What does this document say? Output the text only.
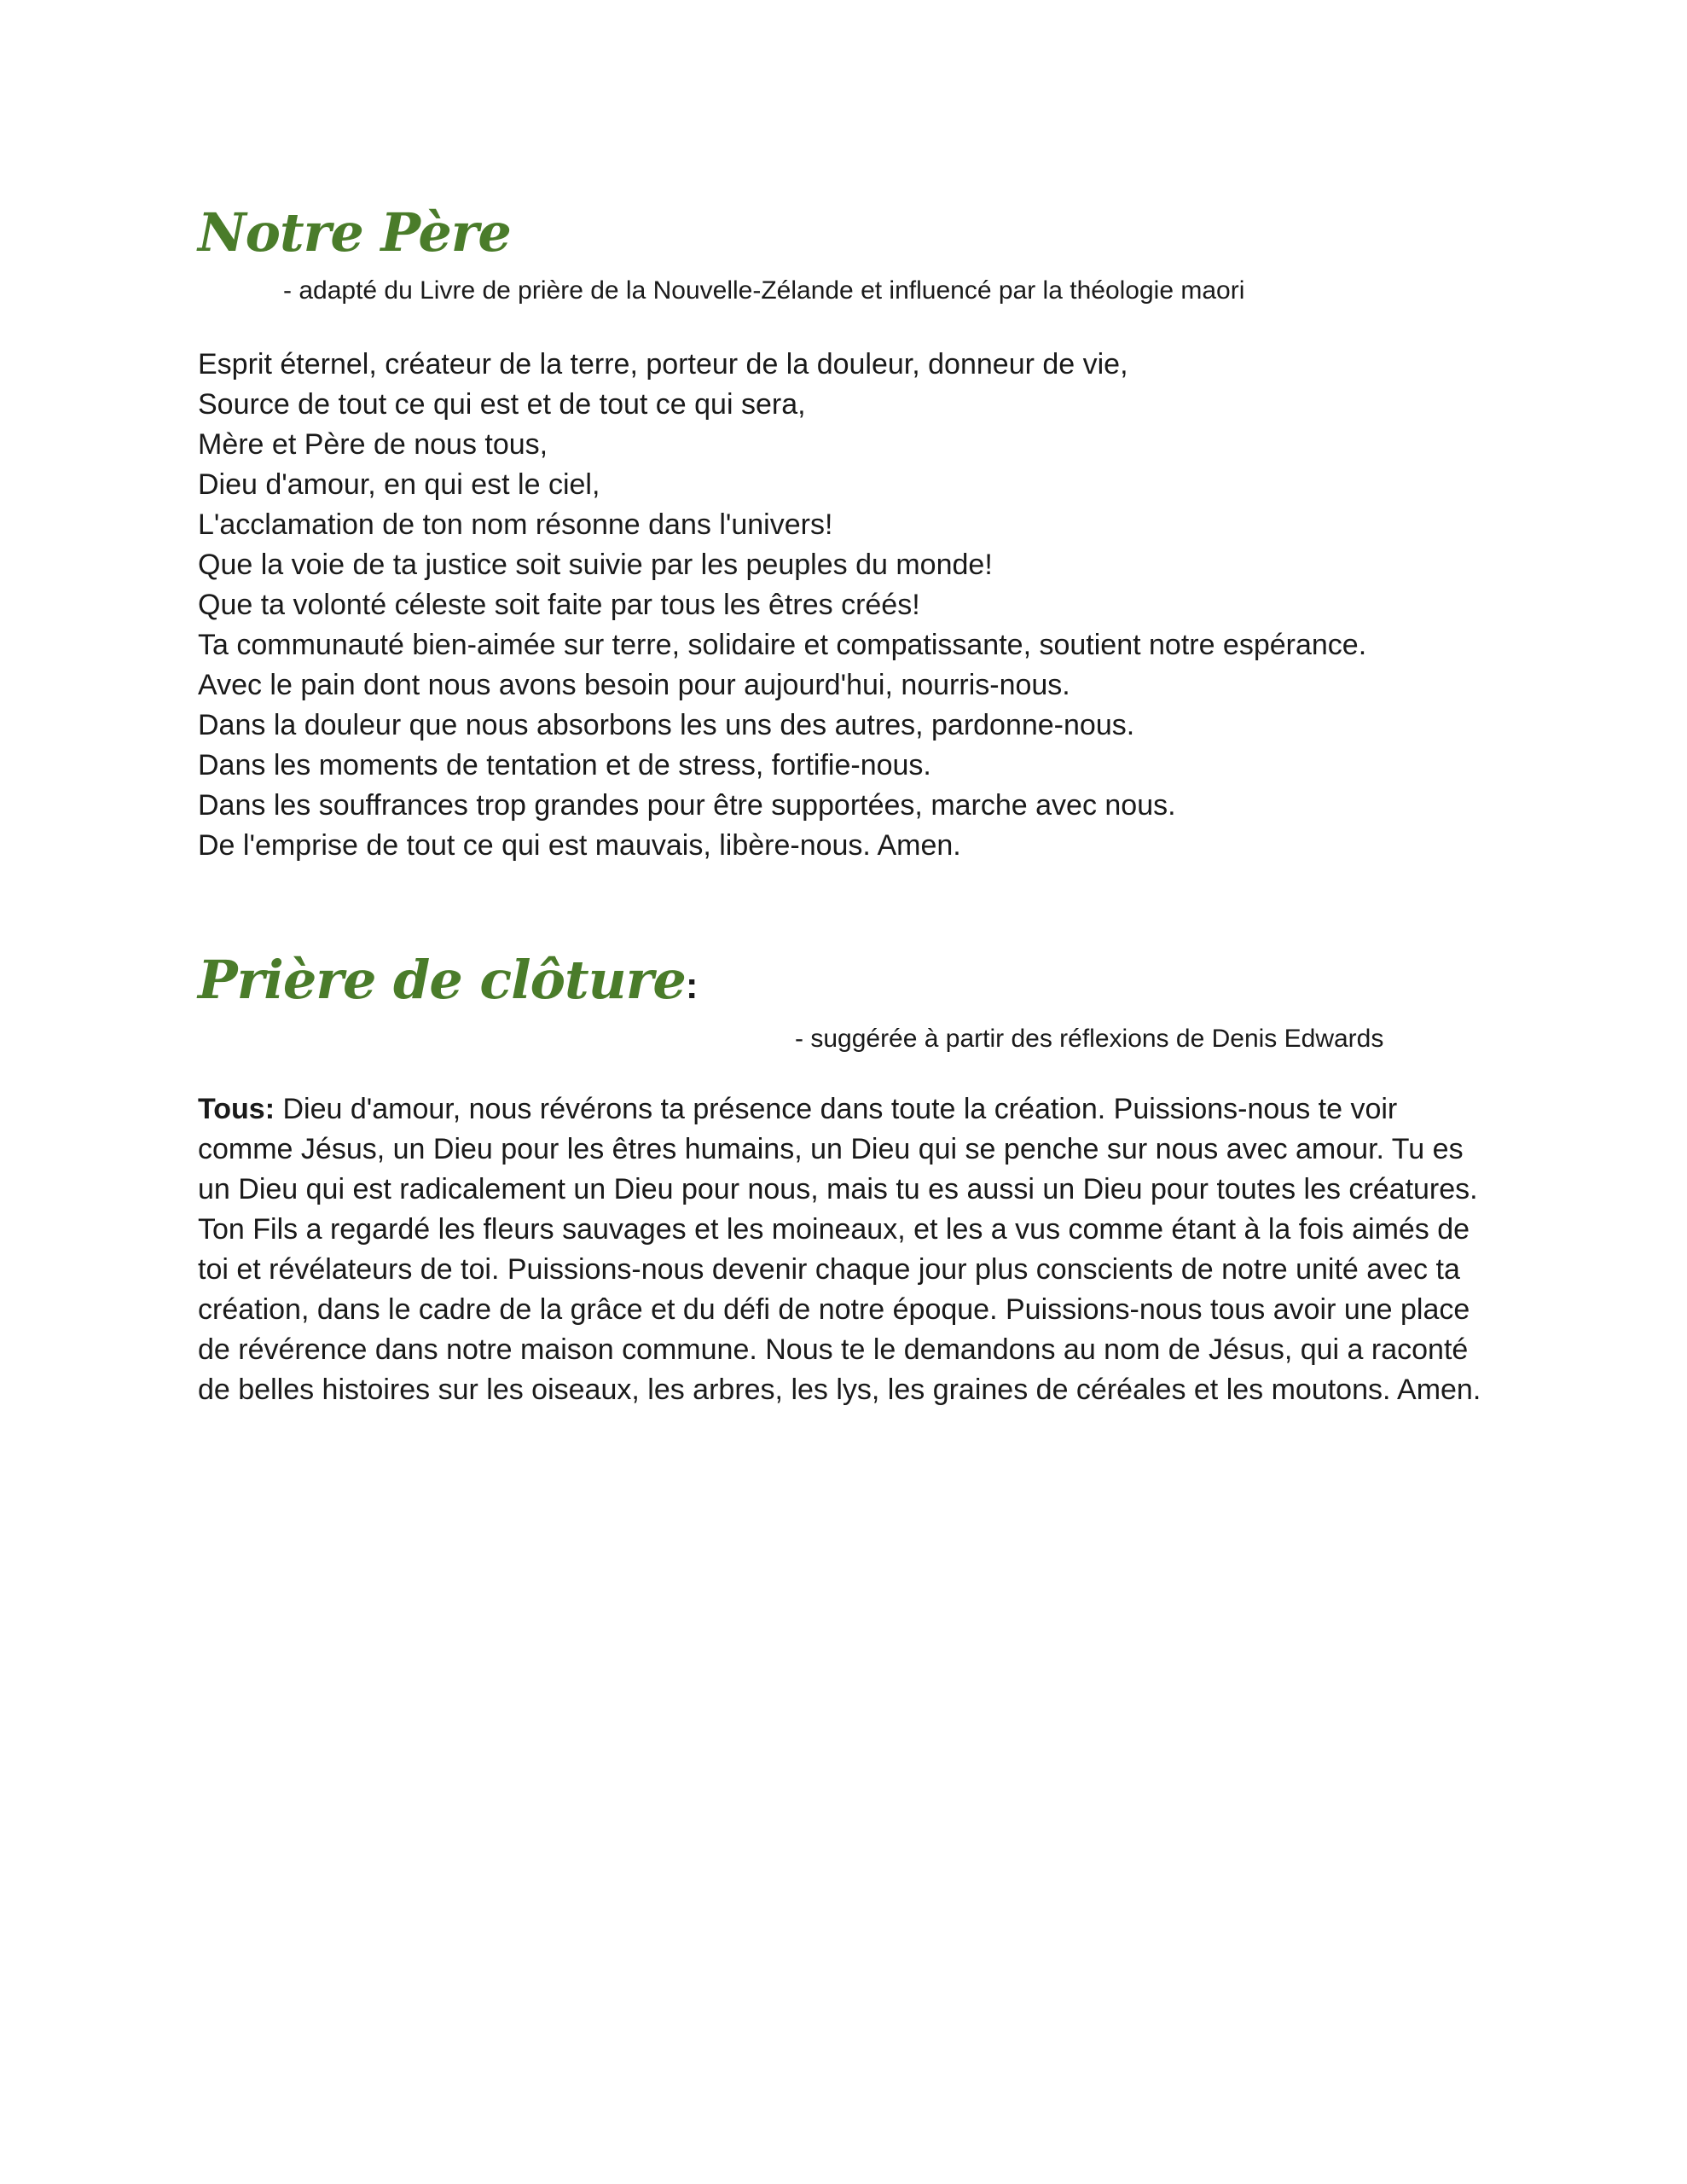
Notre Père
- adapté du Livre de prière de la Nouvelle-Zélande et influencé par la théologie maori
Esprit éternel, créateur de la terre, porteur de la douleur, donneur de vie,
Source de tout ce qui est et de tout ce qui sera,
Mère et Père de nous tous,
Dieu d'amour, en qui est le ciel,
L'acclamation de ton nom résonne dans l'univers!
Que la voie de ta justice soit suivie par les peuples du monde!
Que ta volonté céleste soit faite par tous les êtres créés!
Ta communauté bien-aimée sur terre, solidaire et compatissante, soutient notre espérance.
Avec le pain dont nous avons besoin pour aujourd'hui, nourris-nous.
Dans la douleur que nous absorbons les uns des autres, pardonne-nous.
Dans les moments de tentation et de stress, fortifie-nous.
Dans les souffrances trop grandes pour être supportées, marche avec nous.
De l'emprise de tout ce qui est mauvais, libère-nous. Amen.
Prière de clôture:
- suggérée à partir des réflexions de Denis Edwards
Tous: Dieu d'amour, nous révérons ta présence dans toute la création. Puissions-nous te voir comme Jésus, un Dieu pour les êtres humains, un Dieu qui se penche sur nous avec amour. Tu es un Dieu qui est radicalement un Dieu pour nous, mais tu es aussi un Dieu pour toutes les créatures. Ton Fils a regardé les fleurs sauvages et les moineaux, et les a vus comme étant à la fois aimés de toi et révélateurs de toi. Puissions-nous devenir chaque jour plus conscients de notre unité avec ta création, dans le cadre de la grâce et du défi de notre époque. Puissions-nous tous avoir une place de révérence dans notre maison commune. Nous te le demandons au nom de Jésus, qui a raconté de belles histoires sur les oiseaux, les arbres, les lys, les graines de céréales et les moutons. Amen.
